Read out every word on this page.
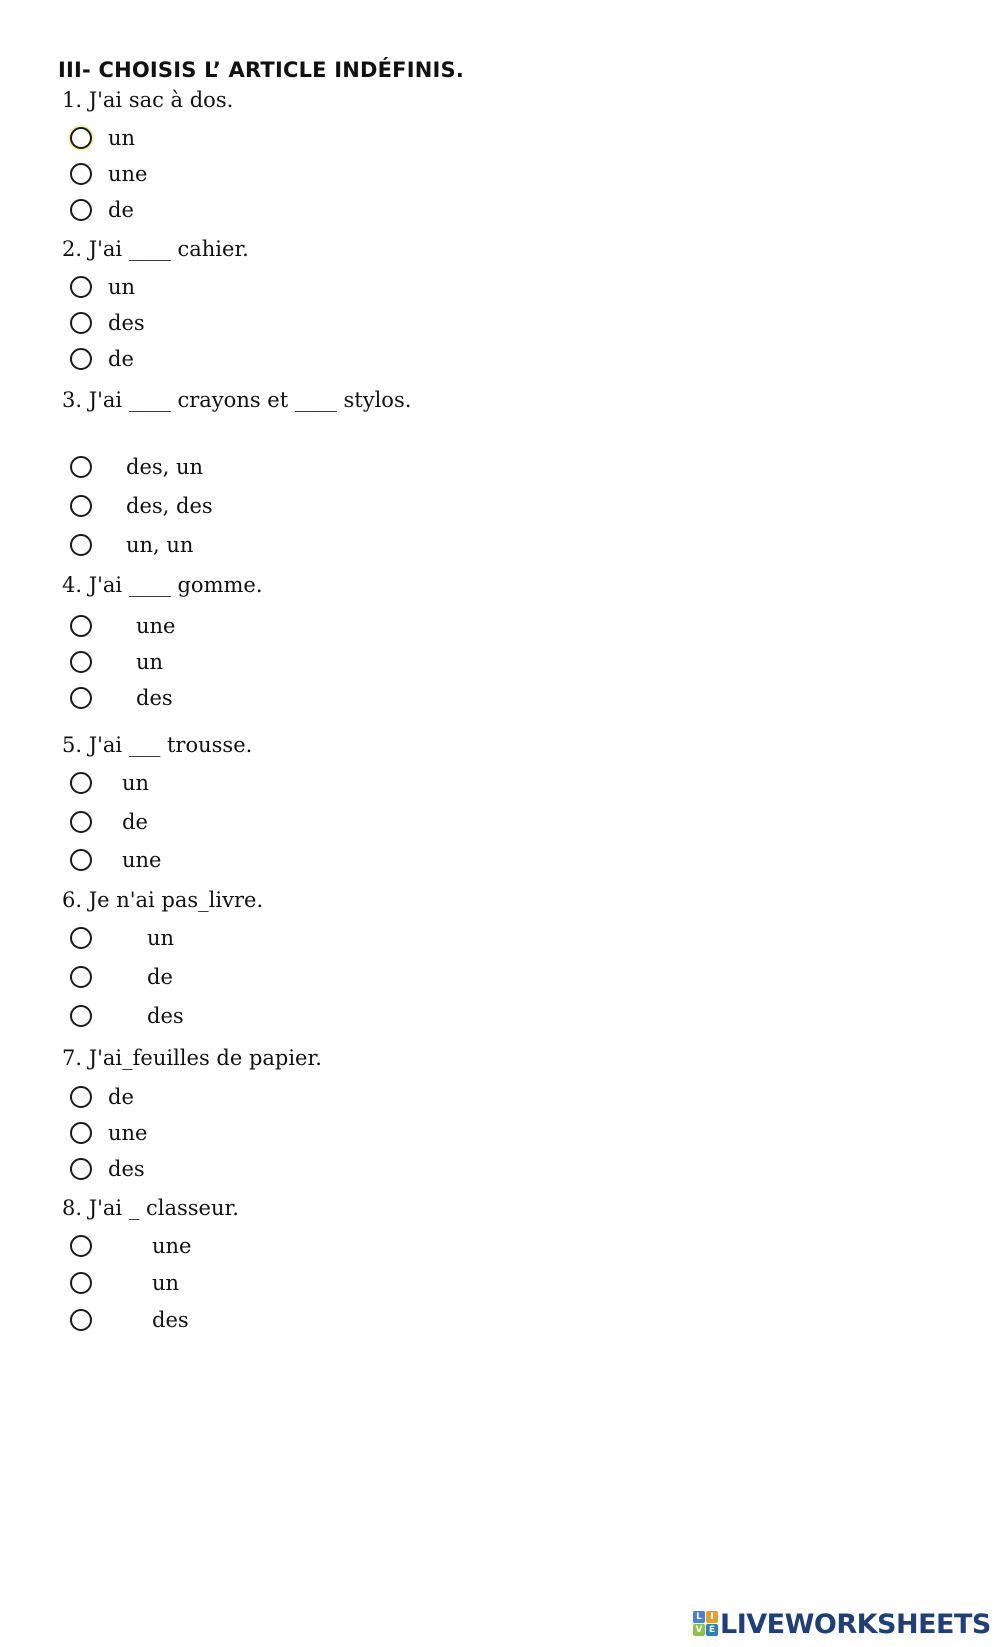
III- CHOISIS L’ ARTICLE INDÉFINIS.
1. J'ai sac à dos.
un
une
de
2. J'ai ____ cahier.
un
des
de
3. J'ai ____ crayons et ____ stylos.
des, un
des, des
un, un
4. J'ai ____ gomme.
une
un
des
5. J'ai ___ trousse.
un
de
une
6. Je n'ai pas_livre.
un
de
des
7. J'ai_feuilles de papier.
de
une
des
8. J'ai _ classeur.
une
un
des
L I
V E LIVEWORKSHEETS
